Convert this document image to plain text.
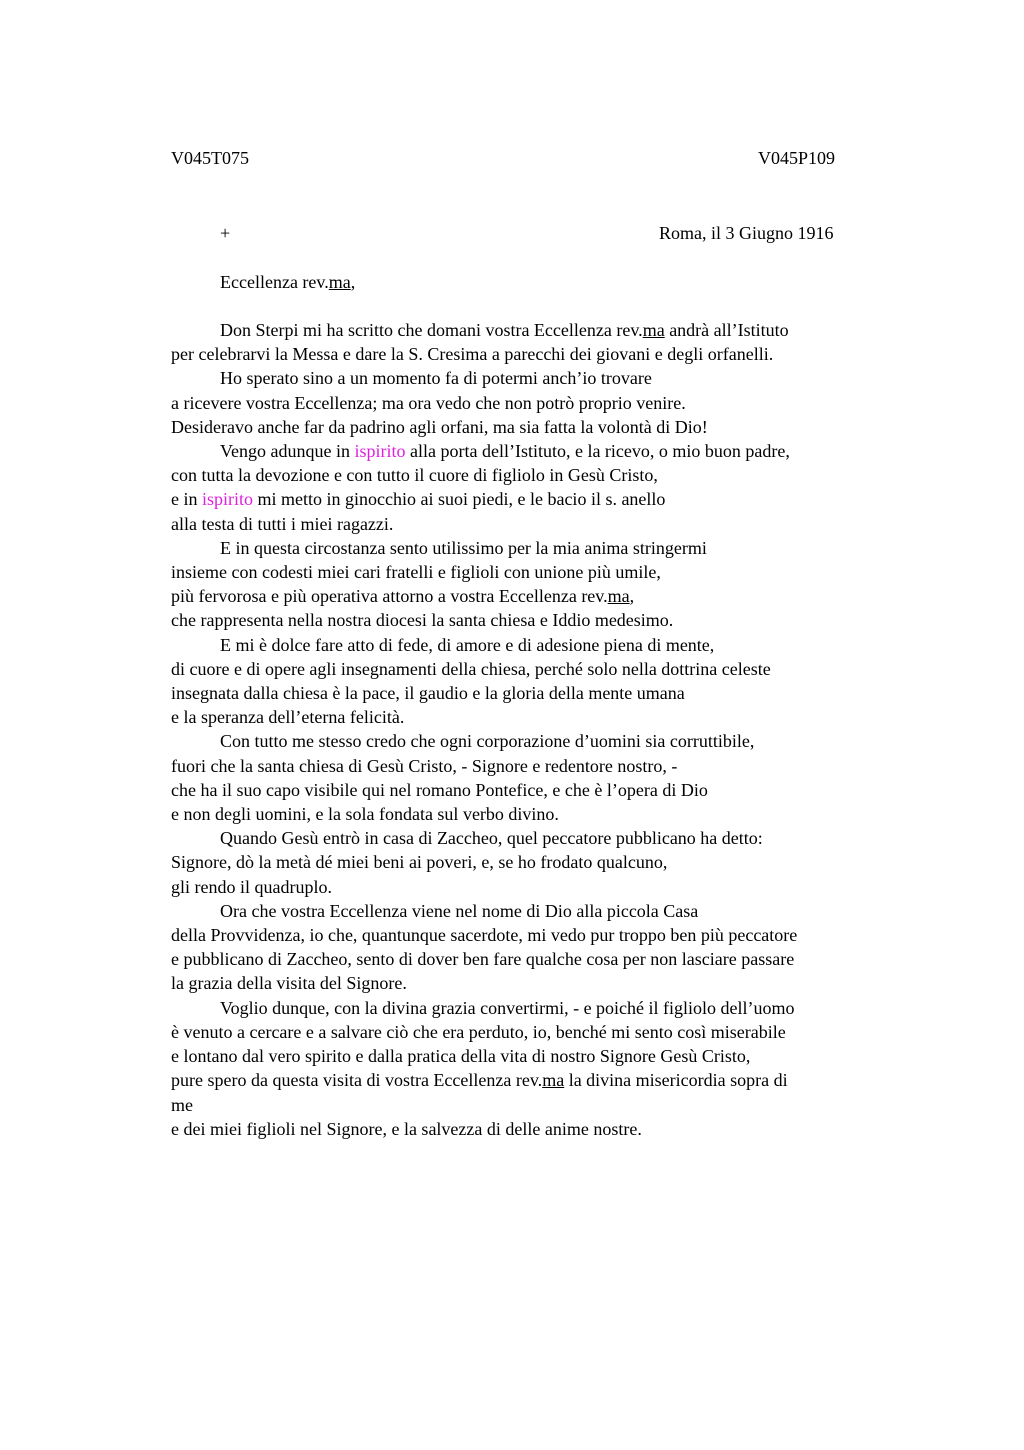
V045T075	V045P109
+	Roma, il 3 Giugno 1916
Eccellenza rev.ma,
Don Sterpi mi ha scritto che domani vostra Eccellenza rev.ma andrà all’Istituto
per celebrarvi la Messa e dare la S. Cresima a parecchi dei giovani e degli orfanelli.
Ho sperato sino a un momento fa di potermi anch’io trovare
a ricevere vostra Eccellenza; ma ora vedo che non potrò proprio venire.
Desideravo anche far da padrino agli orfani, ma sia fatta la volontà di Dio!
Vengo adunque in ispirito alla porta dell’Istituto, e la ricevo, o mio buon padre,
con tutta la devozione e con tutto il cuore di figliolo in Gesù Cristo,
e in ispirito mi metto in ginocchio ai suoi piedi, e le bacio il s. anello
alla testa di tutti i miei ragazzi.
E in questa circostanza sento utilissimo per la mia anima stringermi
insieme con codesti miei cari fratelli e figlioli con unione più umile,
più fervorosa e più operativa attorno a vostra Eccellenza rev.ma,
che rappresenta nella nostra diocesi la santa chiesa e Iddio medesimo.
E mi è dolce fare atto di fede, di amore e di adesione piena di mente,
di cuore e di opere agli insegnamenti della chiesa, perché solo nella dottrina celeste
insegnata dalla chiesa è la pace, il gaudio e la gloria della mente umana
e la speranza dell’eterna felicità.
Con tutto me stesso credo che ogni corporazione d’uomini sia corruttibile,
fuori che la santa chiesa di Gesù Cristo, - Signore e redentore nostro, -
che ha il suo capo visibile qui nel romano Pontefice, e che è l’opera di Dio
e non degli uomini, e la sola fondata sul verbo divino.
Quando Gesù entrò in casa di Zaccheo, quel peccatore pubblicano ha detto:
Signore, dò la metà dé miei beni ai poveri, e, se ho frodato qualcuno,
gli rendo il quadruplo.
Ora che vostra Eccellenza viene nel nome di Dio alla piccola Casa
della Provvidenza, io che, quantunque sacerdote, mi vedo pur troppo ben più peccatore
e pubblicano di Zaccheo, sento di dover ben fare qualche cosa per non lasciare passare
la grazia della visita del Signore.
Voglio dunque, con la divina grazia convertirmi, - e poiché il figliolo dell’uomo
è venuto a cercare e a salvare ciò che era perduto, io, benché mi sento così miserabile
e lontano dal vero spirito e dalla pratica della vita di nostro Signore Gesù Cristo,
pure spero da questa visita di vostra Eccellenza rev.ma la divina misericordia sopra di
me
e dei miei figlioli nel Signore, e la salvezza di delle anime nostre.
